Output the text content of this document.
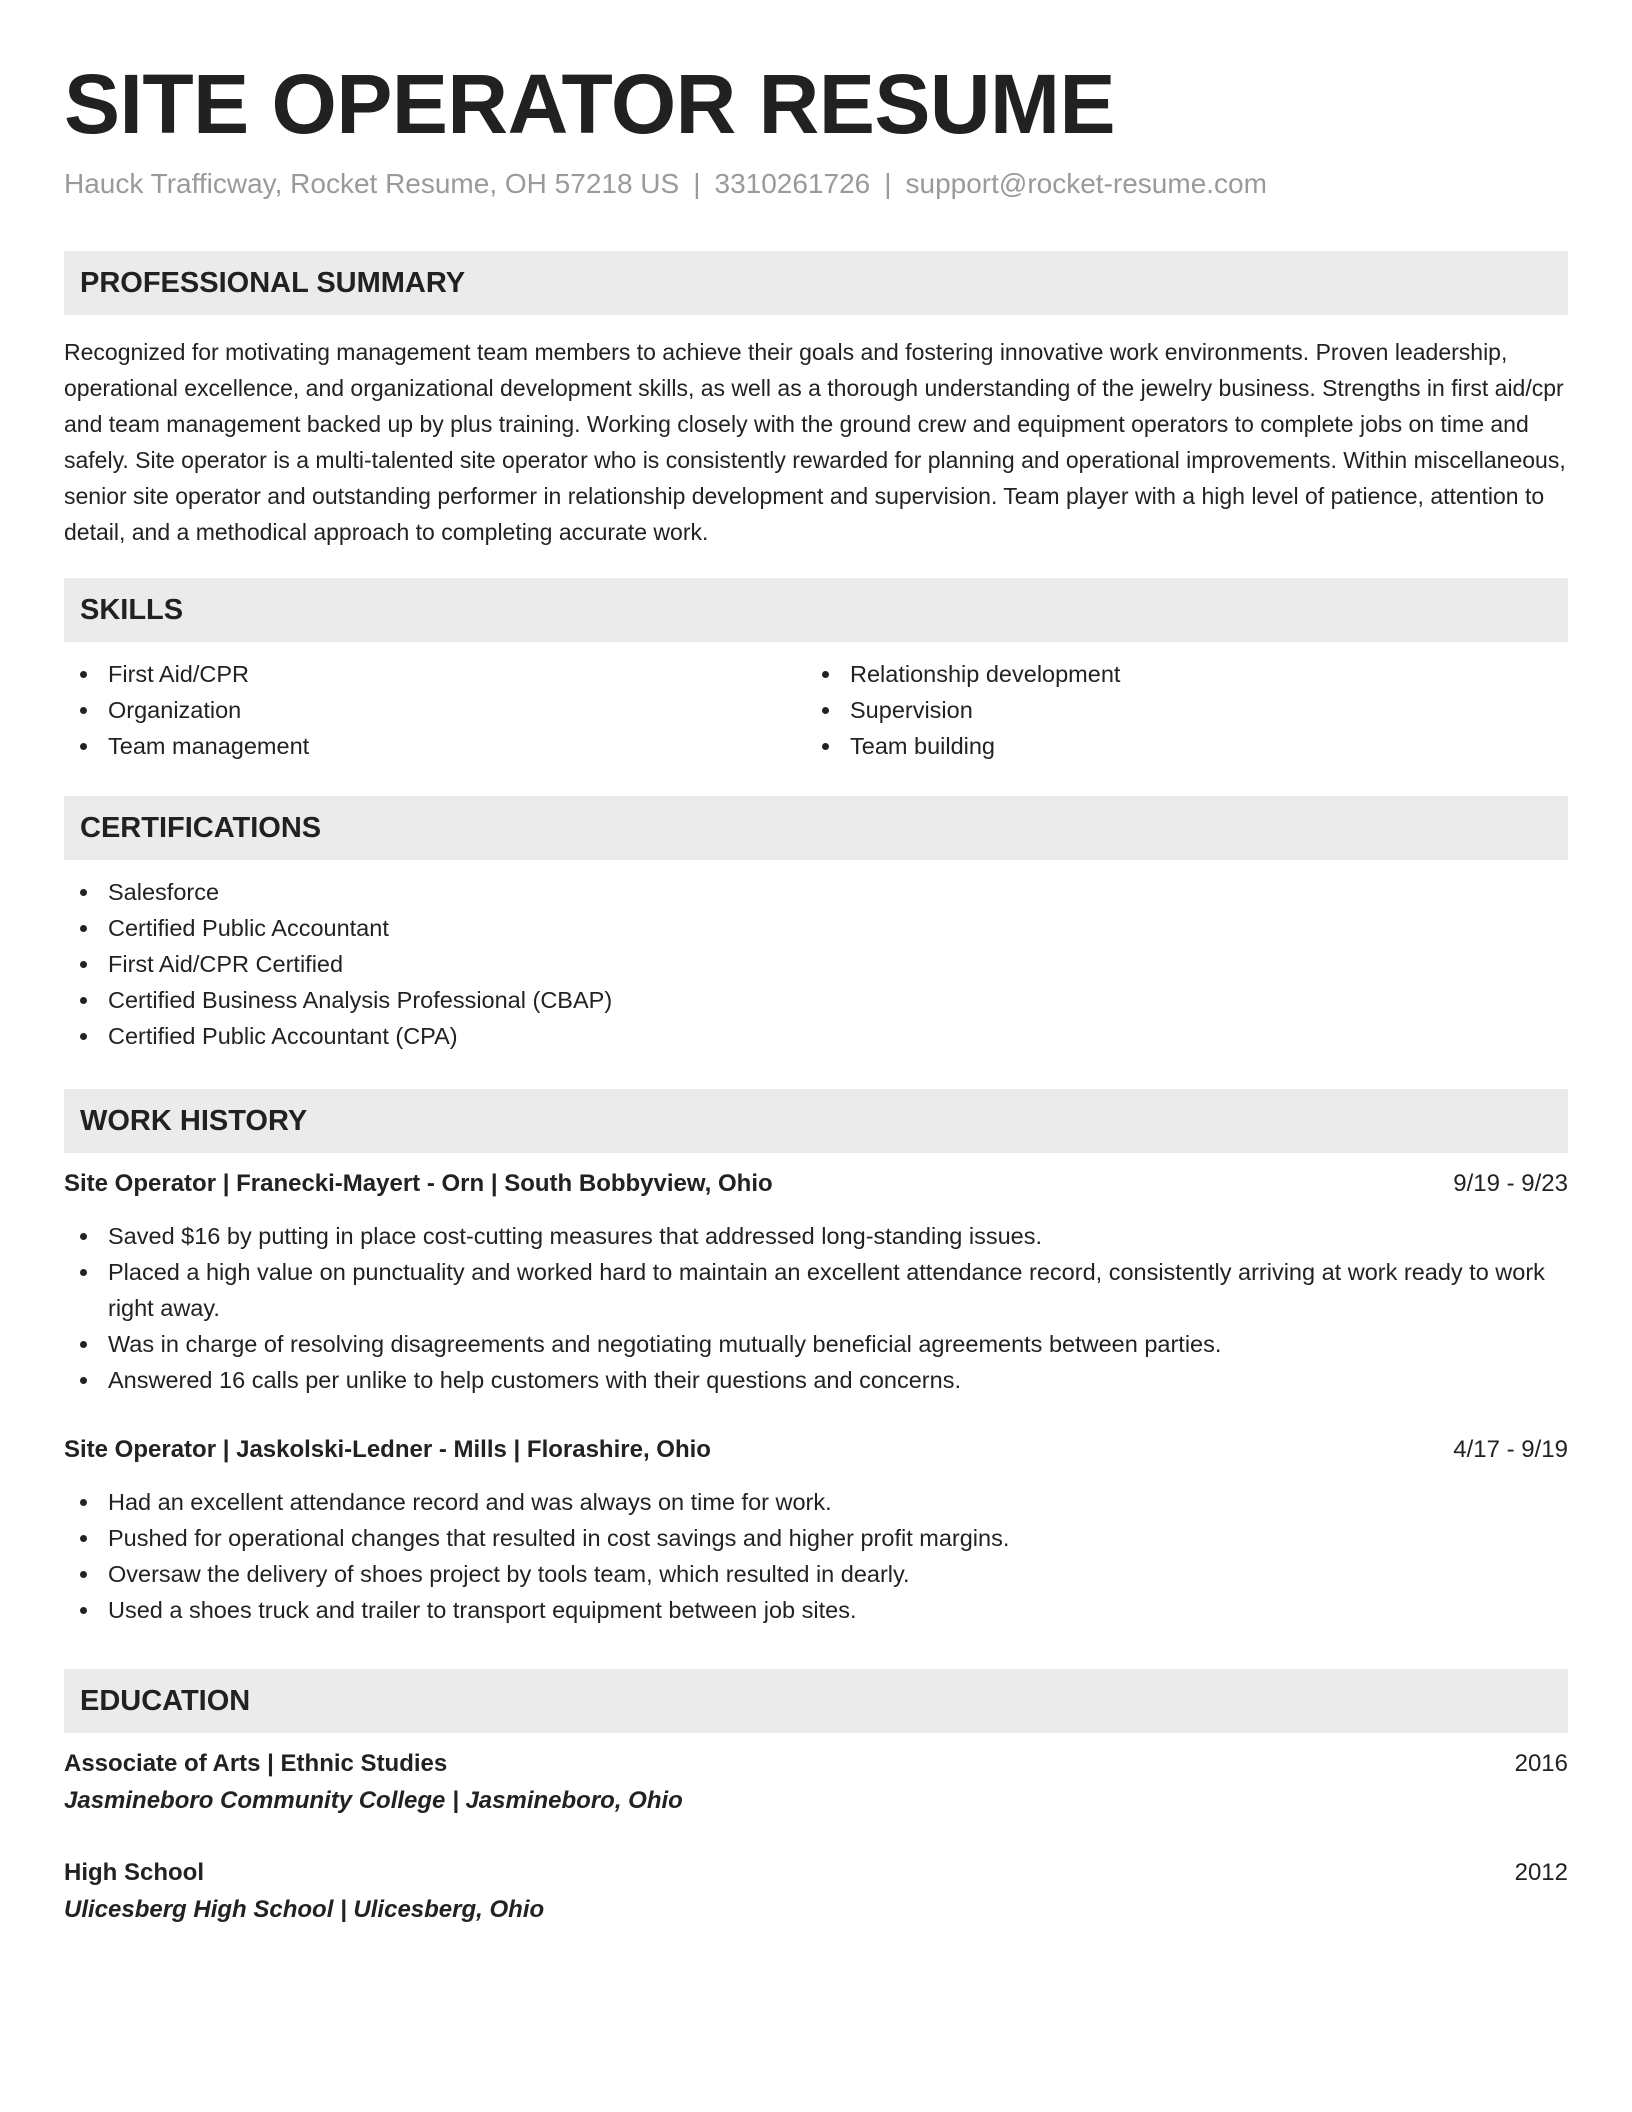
SITE OPERATOR RESUME
Hauck Trafficway, Rocket Resume, OH 57218 US | 3310261726 | support@rocket-resume.com
PROFESSIONAL SUMMARY
Recognized for motivating management team members to achieve their goals and fostering innovative work environments. Proven leadership, operational excellence, and organizational development skills, as well as a thorough understanding of the jewelry business. Strengths in first aid/cpr and team management backed up by plus training. Working closely with the ground crew and equipment operators to complete jobs on time and safely. Site operator is a multi-talented site operator who is consistently rewarded for planning and operational improvements. Within miscellaneous, senior site operator and outstanding performer in relationship development and supervision. Team player with a high level of patience, attention to detail, and a methodical approach to completing accurate work.
SKILLS
First Aid/CPR
Organization
Team management
Relationship development
Supervision
Team building
CERTIFICATIONS
Salesforce
Certified Public Accountant
First Aid/CPR Certified
Certified Business Analysis Professional (CBAP)
Certified Public Accountant (CPA)
WORK HISTORY
Site Operator | Franecki-Mayert - Orn | South Bobbyview, Ohio	9/19 - 9/23
Saved $16 by putting in place cost-cutting measures that addressed long-standing issues.
Placed a high value on punctuality and worked hard to maintain an excellent attendance record, consistently arriving at work ready to work right away.
Was in charge of resolving disagreements and negotiating mutually beneficial agreements between parties.
Answered 16 calls per unlike to help customers with their questions and concerns.
Site Operator | Jaskolski-Ledner - Mills | Florashire, Ohio	4/17 - 9/19
Had an excellent attendance record and was always on time for work.
Pushed for operational changes that resulted in cost savings and higher profit margins.
Oversaw the delivery of shoes project by tools team, which resulted in dearly.
Used a shoes truck and trailer to transport equipment between job sites.
EDUCATION
Associate of Arts | Ethnic Studies	2016
Jasmineboro Community College | Jasmineboro, Ohio
High School	2012
Ulicesberg High School | Ulicesberg, Ohio
